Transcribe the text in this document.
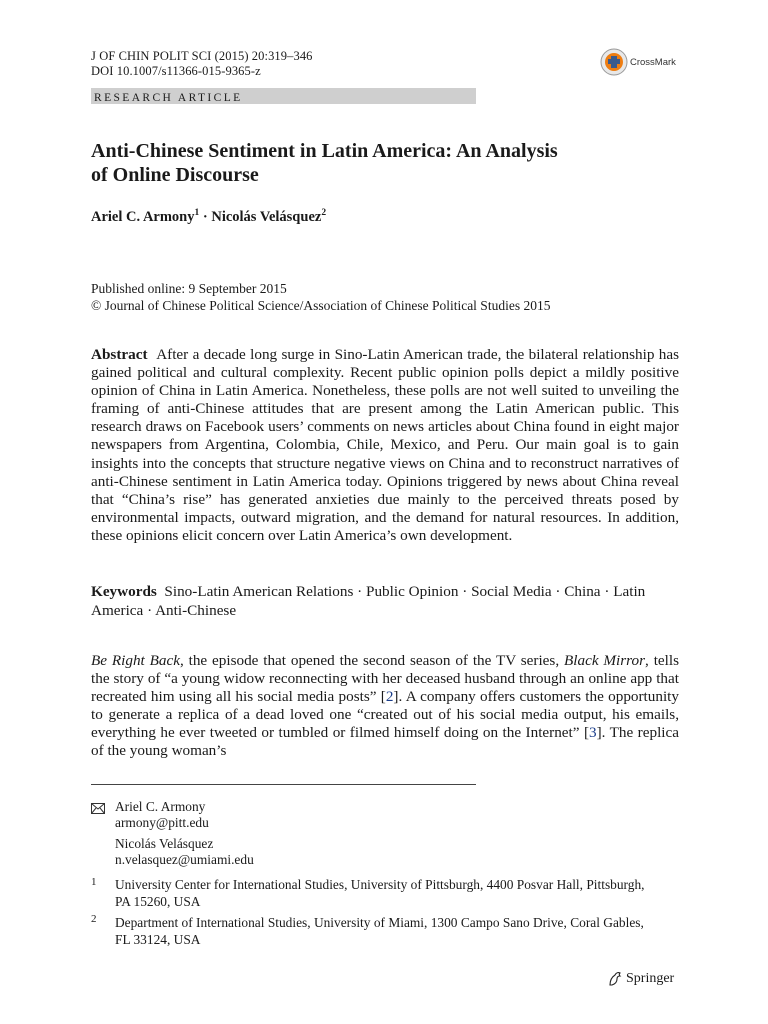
J OF CHIN POLIT SCI (2015) 20:319–346
DOI 10.1007/s11366-015-9365-z
CrossMark
RESEARCH ARTICLE
Anti-Chinese Sentiment in Latin America: An Analysis
of Online Discourse
Ariel C. Armony$^1$ · Nicolás Velásquez$^2$
Published online: 9 September 2015
© Journal of Chinese Political Science/Association of Chinese Political Studies 2015
Abstract After a decade long surge in Sino-Latin American trade, the bilateral relationship has gained political and cultural complexity. Recent public opinion polls depict a mildly positive opinion of China in Latin America. Nonetheless, these polls are not well suited to unveiling the framing of anti-Chinese attitudes that are present among the Latin American public. This research draws on Facebook users’ comments on news articles about China found in eight major newspapers from Argentina, Colombia, Chile, Mexico, and Peru. Our main goal is to gain insights into the concepts that structure negative views on China and to reconstruct narratives of anti-Chinese sentiment in Latin America today. Opinions triggered by news about China reveal that “China’s rise” has generated anxieties due mainly to the perceived threats posed by environmental impacts, outward migration, and the demand for natural resources. In addition, these opinions elicit concern over Latin America’s own development.
Keywords Sino-Latin American Relations · Public Opinion · Social Media · China · Latin America · Anti-Chinese
Be Right Back, the episode that opened the second season of the TV series, Black Mirror, tells the story of “a young widow reconnecting with her deceased husband through an online app that recreated him using all his social media posts” [2]. A company offers customers the opportunity to generate a replica of a dead loved one “created out of his social media output, his emails, everything he ever tweeted or tumbled or filmed himself doing on the Internet” [3]. The replica of the young woman’s
Ariel C. Armony
armony@pitt.edu
Nicolás Velásquez
n.velasquez@umiami.edu
1 University Center for International Studies, University of Pittsburgh, 4400 Posvar Hall, Pittsburgh,
PA 15260, USA
2 Department of International Studies, University of Miami, 1300 Campo Sano Drive, Coral Gables,
FL 33124, USA
Springer
